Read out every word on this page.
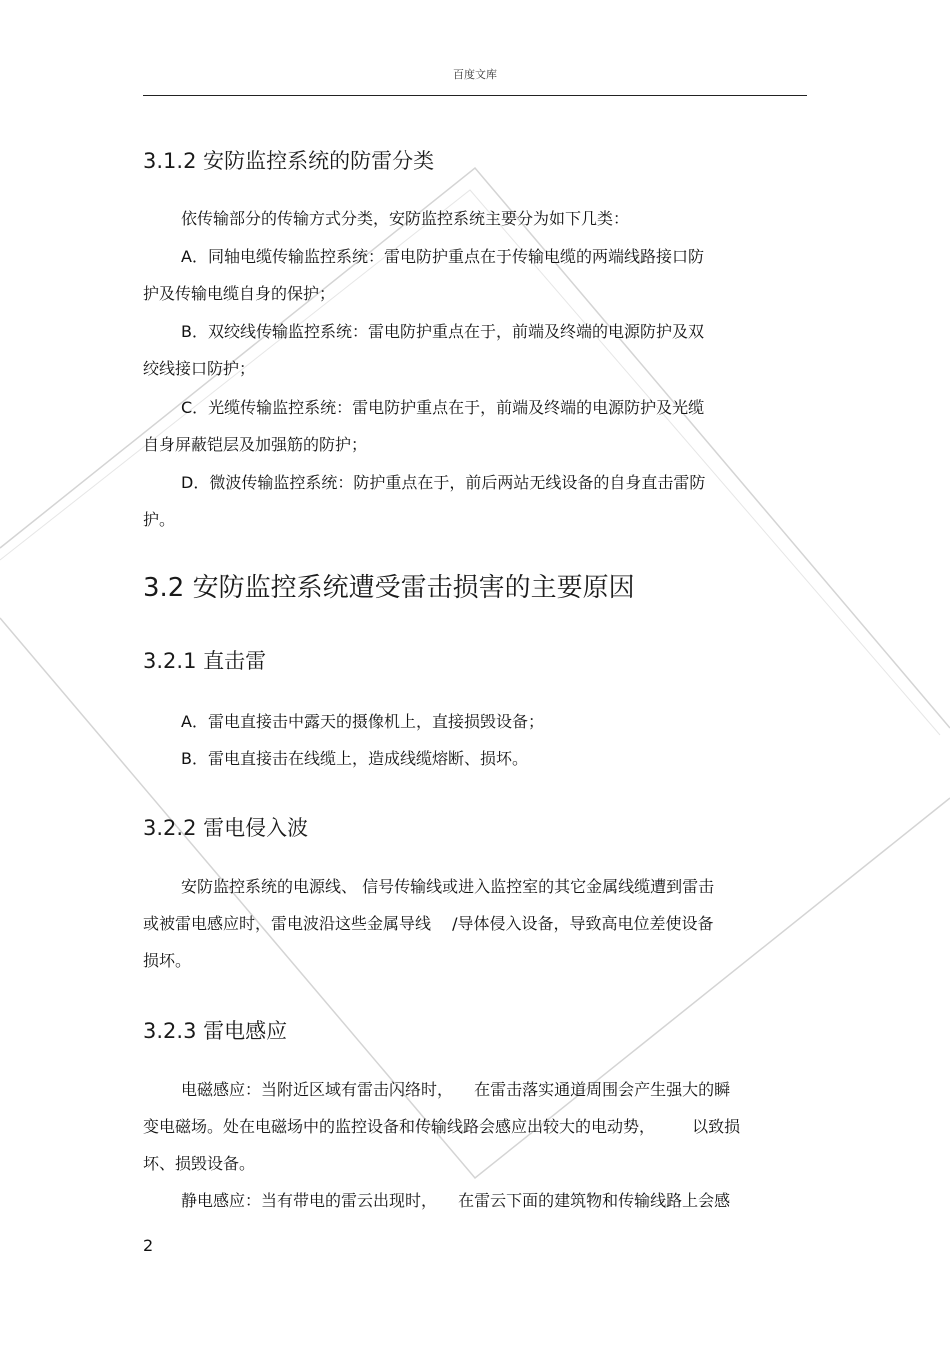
百度文库
3.1.2 安防监控系统的防雷分类
依传输部分的传输方式分类，安防监控系统主要分为如下几类：
A．同轴电缆传输监控系统：雷电防护重点在于传输电缆的两端线路接口防
护及传输电缆自身的保护；
B．双绞线传输监控系统：雷电防护重点在于，前端及终端的电源防护及双
绞线接口防护；
C．光缆传输监控系统：雷电防护重点在于，前端及终端的电源防护及光缆
自身屏蔽铠层及加强筋的防护；
D．微波传输监控系统：防护重点在于，前后两站无线设备的自身直击雷防
护。
3.2 安防监控系统遭受雷击损害的主要原因
3.2.1 直击雷
A．雷电直接击中露天的摄像机上，直接损毁设备；
B．雷电直接击在线缆上，造成线缆熔断、损坏。
3.2.2 雷电侵入波
安防监控系统的电源线、 信号传输线或进入监控室的其它金属线缆遭到雷击
或被雷电感应时，雷电波沿这些金属导线 　/导体侵入设备，导致高电位差使设备
损坏。
3.2.3 雷电感应
电磁感应：当附近区域有雷击闪络时， 　在雷击落实通道周围会产生强大的瞬
变电磁场。处在电磁场中的监控设备和传输线路会感应出较大的电动势， 　　以致损
坏、损毁设备。
静电感应：当有带电的雷云出现时， 　在雷云下面的建筑物和传输线路上会感
2
